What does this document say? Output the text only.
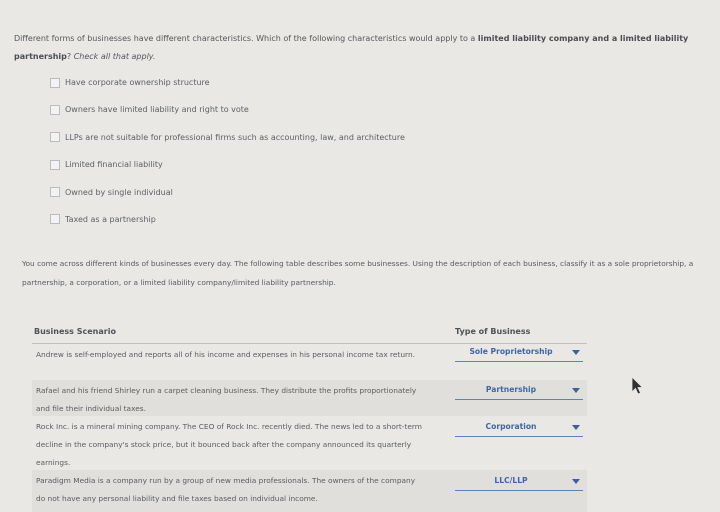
Different forms of businesses have different characteristics. Which of the following characteristics would apply to a limited liability company and a limited liability partnership? Check all that apply.
Have corporate ownership structure
Owners have limited liability and right to vote
LLPs are not suitable for professional firms such as accounting, law, and architecture
Limited financial liability
Owned by single individual
Taxed as a partnership
You come across different kinds of businesses every day. The following table describes some businesses. Using the description of each business, classify it as a sole proprietorship, a partnership, a corporation, or a limited liability company/limited liability partnership.
Business Scenario	Type of Business
Andrew is self-employed and reports all of his income and expenses in his personal income tax return.	Sole Proprietorship
Rafael and his friend Shirley run a carpet cleaning business. They distribute the profits proportionately and file their individual taxes.
Partnership
Rock Inc. is a mineral mining company. The CEO of Rock Inc. recently died. The news led to a short-term decline in the company's stock price, but it bounced back after the company announced its quarterly earnings.
Corporation
Paradigm Media is a company run by a group of new media professionals. The owners of the company do not have any personal liability and file taxes based on individual income.
LLC/LLP
